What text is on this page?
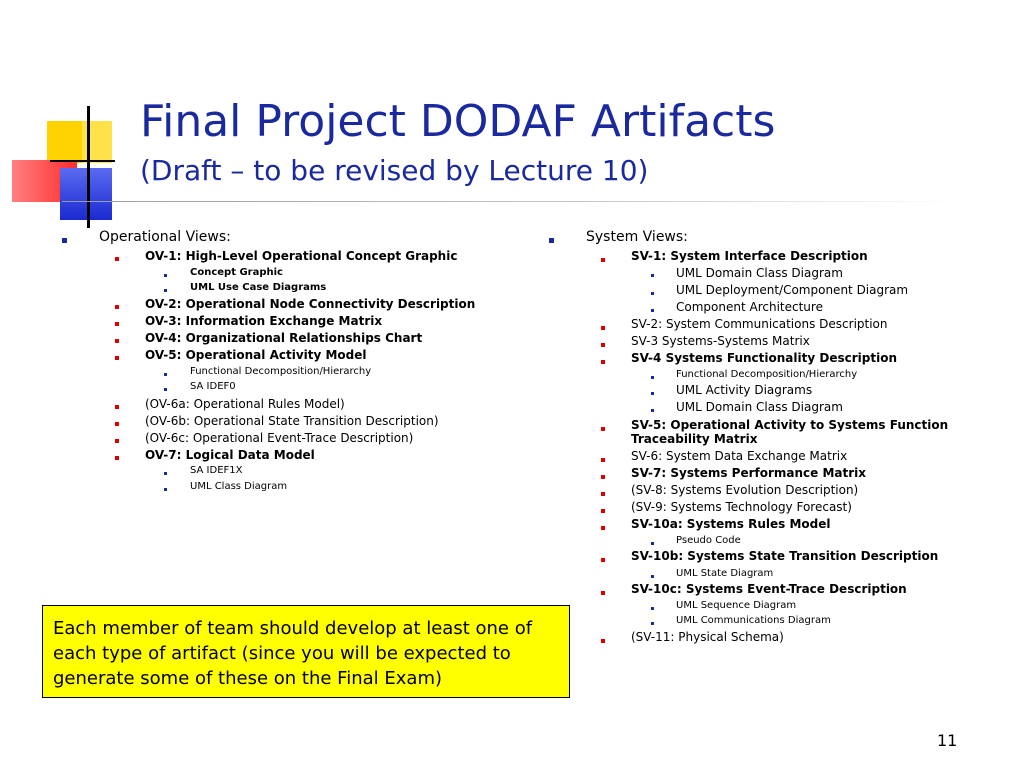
Final Project DODAF Artifacts
(Draft – to be revised by Lecture 10)
Operational Views:
OV-1: High-Level Operational Concept Graphic
Concept Graphic
UML Use Case Diagrams
OV-2: Operational Node Connectivity Description
OV-3: Information Exchange Matrix
OV-4: Organizational Relationships Chart
OV-5: Operational Activity Model
Functional Decomposition/Hierarchy
SA IDEF0
(OV-6a: Operational Rules Model)
(OV-6b: Operational State Transition Description)
(OV-6c: Operational Event-Trace Description)
OV-7: Logical Data Model
SA IDEF1X
UML Class Diagram
System Views:
SV-1: System Interface Description
UML Domain Class Diagram
UML Deployment/Component Diagram
Component Architecture
SV-2: System Communications Description
SV-3 Systems-Systems Matrix
SV-4 Systems Functionality Description
Functional Decomposition/Hierarchy
UML Activity Diagrams
UML Domain Class Diagram
SV-5: Operational Activity to Systems Function
Traceability Matrix
SV-6: System Data Exchange Matrix
SV-7: Systems Performance Matrix
(SV-8: Systems Evolution Description)
(SV-9: Systems Technology Forecast)
SV-10a: Systems Rules Model
Pseudo Code
SV-10b: Systems State Transition Description
UML State Diagram
SV-10c: Systems Event-Trace Description
UML Sequence Diagram
UML Communications Diagram
(SV-11: Physical Schema)
Each member of team should develop at least one of each type of artifact (since you will be expected to generate some of these on the Final Exam)
11
